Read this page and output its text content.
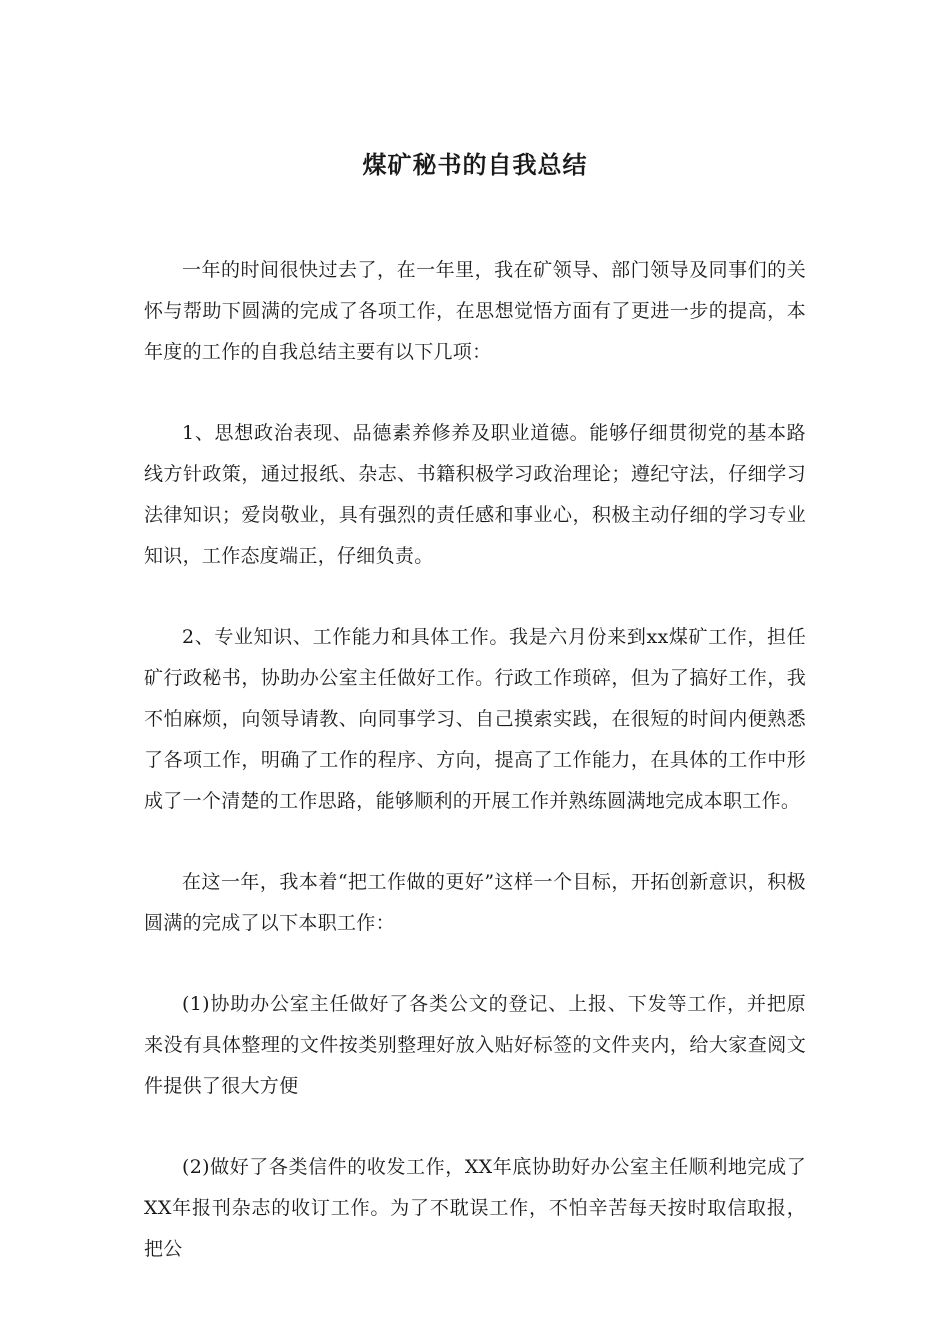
煤矿秘书的自我总结

一年的时间很快过去了，在一年里，我在矿领导、部门领导及同事们的关怀与帮助下圆满的完成了各项工作，在思想觉悟方面有了更进一步的提高，本年度的工作的自我总结主要有以下几项：

1、思想政治表现、品德素养修养及职业道德。能够仔细贯彻党的基本路线方针政策，通过报纸、杂志、书籍积极学习政治理论；遵纪守法，仔细学习法律知识；爱岗敬业，具有强烈的责任感和事业心，积极主动仔细的学习专业知识，工作态度端正，仔细负责。

2、专业知识、工作能力和具体工作。我是六月份来到xx煤矿工作，担任矿行政秘书，协助办公室主任做好工作。行政工作琐碎，但为了搞好工作，我不怕麻烦，向领导请教、向同事学习、自己摸索实践，在很短的时间内便熟悉了各项工作，明确了工作的程序、方向，提高了工作能力，在具体的工作中形成了一个清楚的工作思路，能够顺利的开展工作并熟练圆满地完成本职工作。

在这一年，我本着“把工作做的更好”这样一个目标，开拓创新意识，积极圆满的完成了以下本职工作：

(1)协助办公室主任做好了各类公文的登记、上报、下发等工作，并把原来没有具体整理的文件按类别整理好放入贴好标签的文件夹内，给大家查阅文件提供了很大方便

(2)做好了各类信件的收发工作，XX年底协助好办公室主任顺利地完成了XX年报刊杂志的收订工作。为了不耽误工作，不怕辛苦每天按时取信取报，把公
